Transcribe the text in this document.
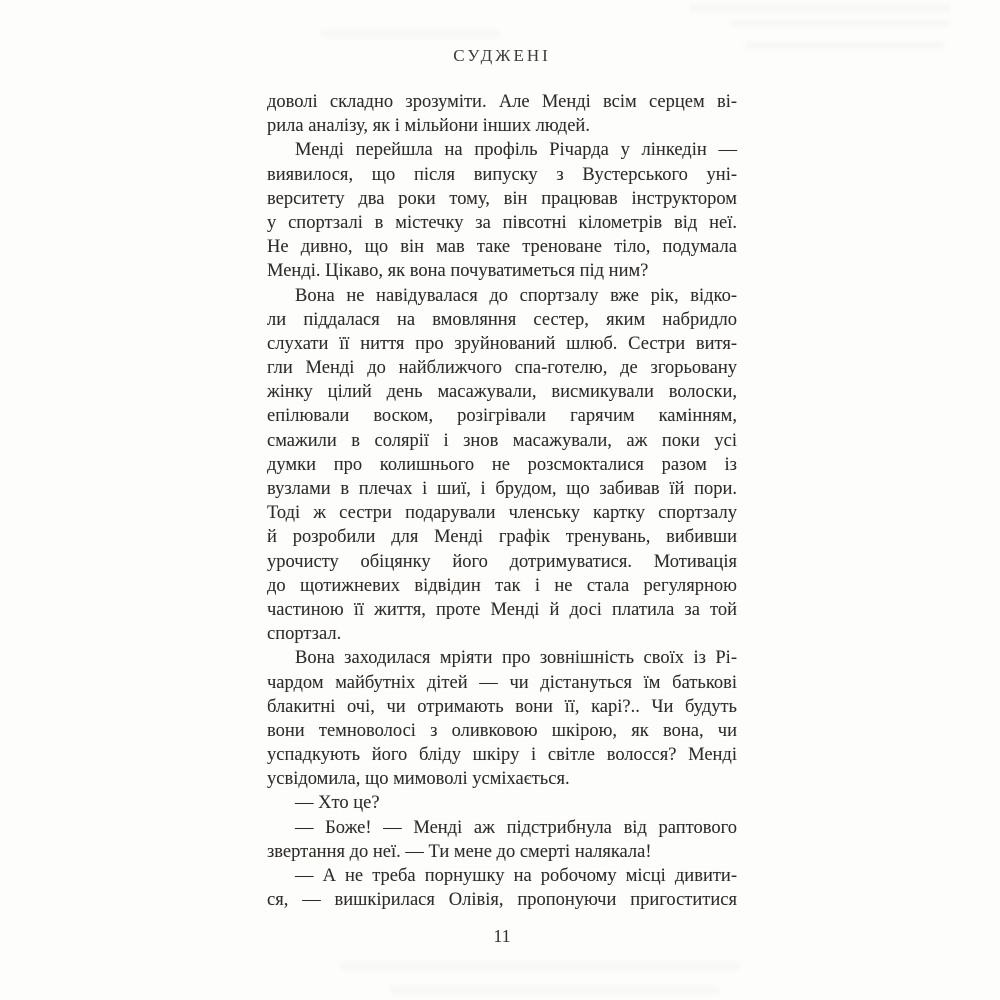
СУДЖЕНІ
доволі складно зрозуміти. Але Менді всім серцем ві-
рила аналізу, як і мільйони інших людей.
Менді перейшла на профіль Річарда у лінкедін —
виявилося, що після випуску з Вустерського уні-
верситету два роки тому, він працював інструктором
у спортзалі в містечку за півсотні кілометрів від неї.
Не дивно, що він мав таке треноване тіло, подумала
Менді. Цікаво, як вона почуватиметься під ним?
Вона не навідувалася до спортзалу вже рік, відко-
ли піддалася на вмовляння сестер, яким набридло
слухати її ниття про зруйнований шлюб. Сестри витя-
гли Менді до найближчого спа-готелю, де згорьовану
жінку цілий день масажували, висмикували волоски,
епілювали воском, розігрівали гарячим камінням,
смажили в солярії і знов масажували, аж поки усі
думки про колишнього не розсмокталися разом із
вузлами в плечах і шиї, і брудом, що забивав їй пори.
Тоді ж сестри подарували членську картку спортзалу
й розробили для Менді графік тренувань, вибивши
урочисту обіцянку його дотримуватися. Мотивація
до щотижневих відвідин так і не стала регулярною
частиною її життя, проте Менді й досі платила за той
спортзал.
Вона заходилася мріяти про зовнішність своїх із Рі-
чардом майбутніх дітей — чи дістануться їм батькові
блакитні очі, чи отримають вони її, карі?.. Чи будуть
вони темноволосі з оливковою шкірою, як вона, чи
успадкують його бліду шкіру і світле волосся? Менді
усвідомила, що мимоволі усміхається.
— Хто це?
— Боже! — Менді аж підстрибнула від раптового
звертання до неї. — Ти мене до смерті налякала!
— А не треба порнушку на робочому місці дивити-
ся, — вишкірилася Олівія, пропонуючи пригоститися
11
